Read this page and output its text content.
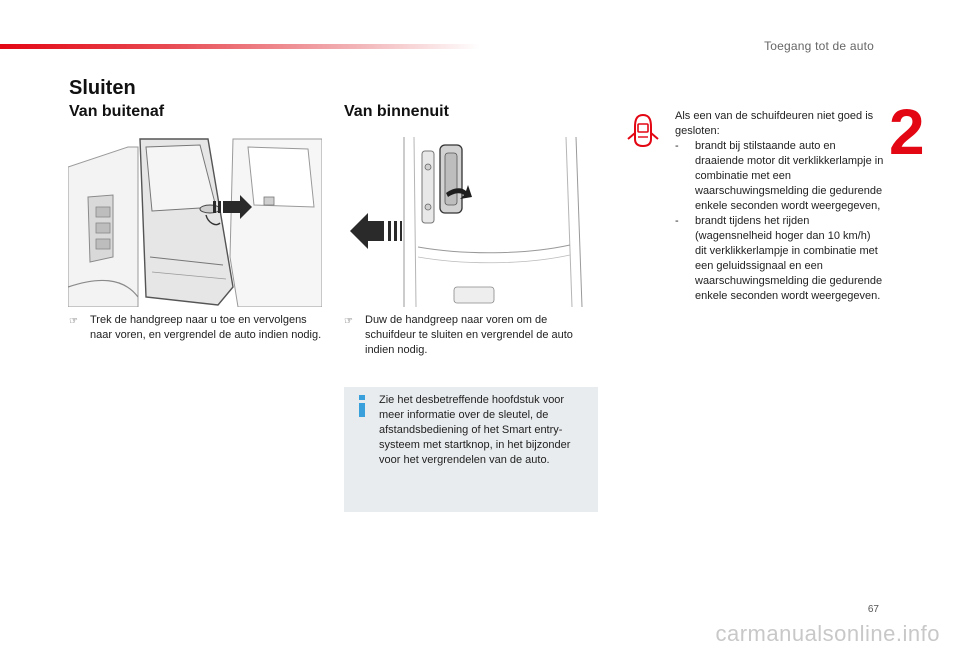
Toegang tot de auto
2
Sluiten
Van buitenaf	Van binnenuit
☞	Trek de handgreep naar u toe en vervolgens naar voren, en vergrendel de auto indien nodig.
☞	Duw de handgreep naar voren om de schuifdeur te sluiten en vergrendel de auto indien nodig.
Zie het desbetreffende hoofdstuk voor meer informatie over de sleutel, de afstandsbediening of het Smart entry-systeem met startknop, in het bijzonder voor het vergrendelen van de auto.
Als een van de schuifdeuren niet goed is gesloten:
- brandt bij stilstaande auto en draaiende motor dit verklikkerlampje in combinatie met een waarschuwingsmelding die gedurende enkele seconden wordt weergegeven,
- brandt tijdens het rijden (wagensnelheid hoger dan 10 km/h) dit verklikkerlampje in combinatie met een geluidssignaal en een waarschuwingsmelding die gedurende enkele seconden wordt weergegeven.
67
carmanualsonline.info
